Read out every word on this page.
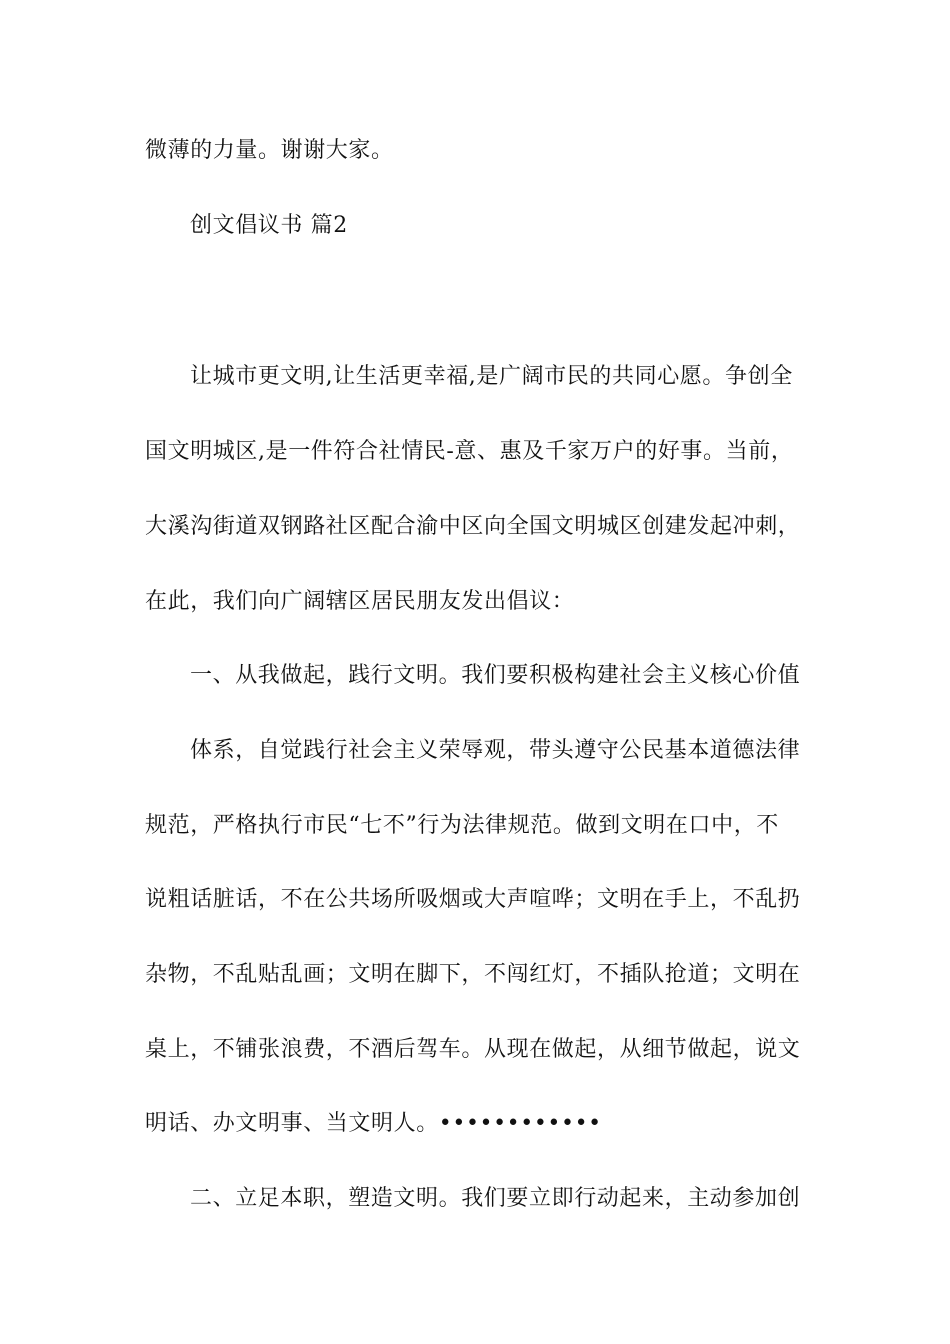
微薄的力量。谢谢大家。
创文倡议书 篇2
让城市更文明,让生活更幸福,是广阔市民的共同心愿。争创全
国文明城区,是一件符合社情民-意、惠及千家万户的好事。当前，
大溪沟街道双钢路社区配合渝中区向全国文明城区创建发起冲刺，
在此，我们向广阔辖区居民朋友发出倡议：
一、从我做起，践行文明。我们要积极构建社会主义核心价值
体系，自觉践行社会主义荣辱观，带头遵守公民基本道德法律
规范，严格执行市民“七不”行为法律规范。做到文明在口中，不
说粗话脏话，不在公共场所吸烟或大声喧哗；文明在手上，不乱扔
杂物，不乱贴乱画；文明在脚下，不闯红灯，不插队抢道；文明在
桌上，不铺张浪费，不酒后驾车。从现在做起，从细节做起，说文
明话、办文明事、当文明人。••••••••••••
二、立足本职，塑造文明。我们要立即行动起来，主动参加创
